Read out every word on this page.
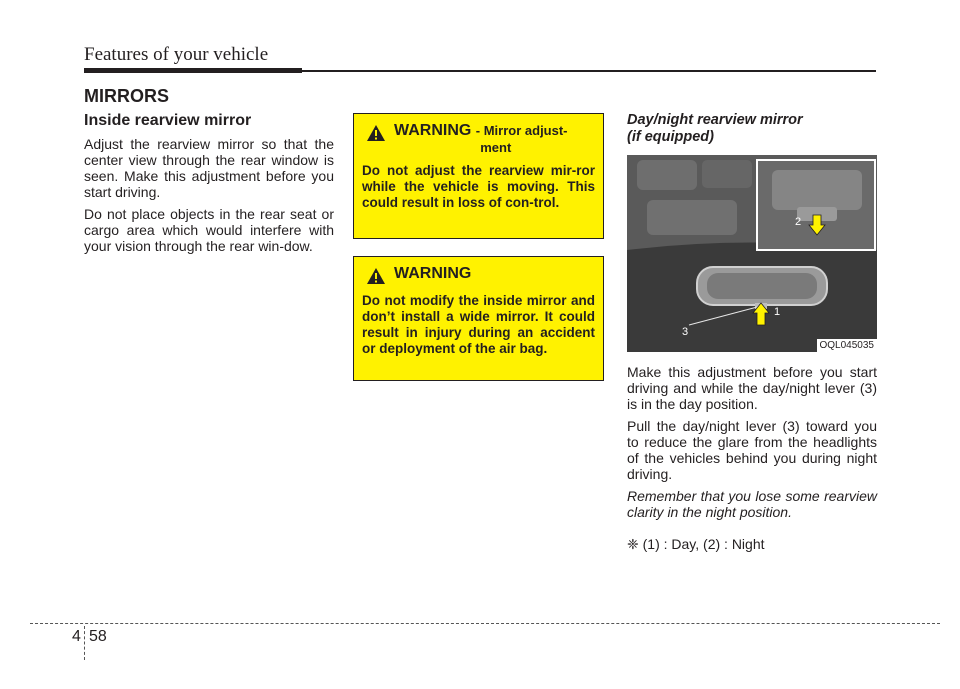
Features of your vehicle
MIRRORS
Inside rearview mirror

Adjust the rearview mirror so that the center view through the rear window is seen. Make this adjustment before you start driving.

Do not place objects in the rear seat or cargo area which would interfere with your vision through the rear win-dow.

WARNING - Mirror adjust-
ment

Do not adjust the rearview mir-ror while the vehicle is moving. This could result in loss of con-trol.

WARNING

Do not modify the inside mirror and don’t install a wide mirror. It could result in injury during an accident or deployment of the air bag.

Day/night rearview mirror
(if equipped)
2
1
3
OQL045035

Make this adjustment before you start driving and while the day/night lever (3) is in the day position.

Pull the day/night lever (3) toward you to reduce the glare from the headlights of the vehicles behind you during night driving.

Remember that you lose some rearview clarity in the night position.

❈ (1) : Day, (2) : Night
4 58
